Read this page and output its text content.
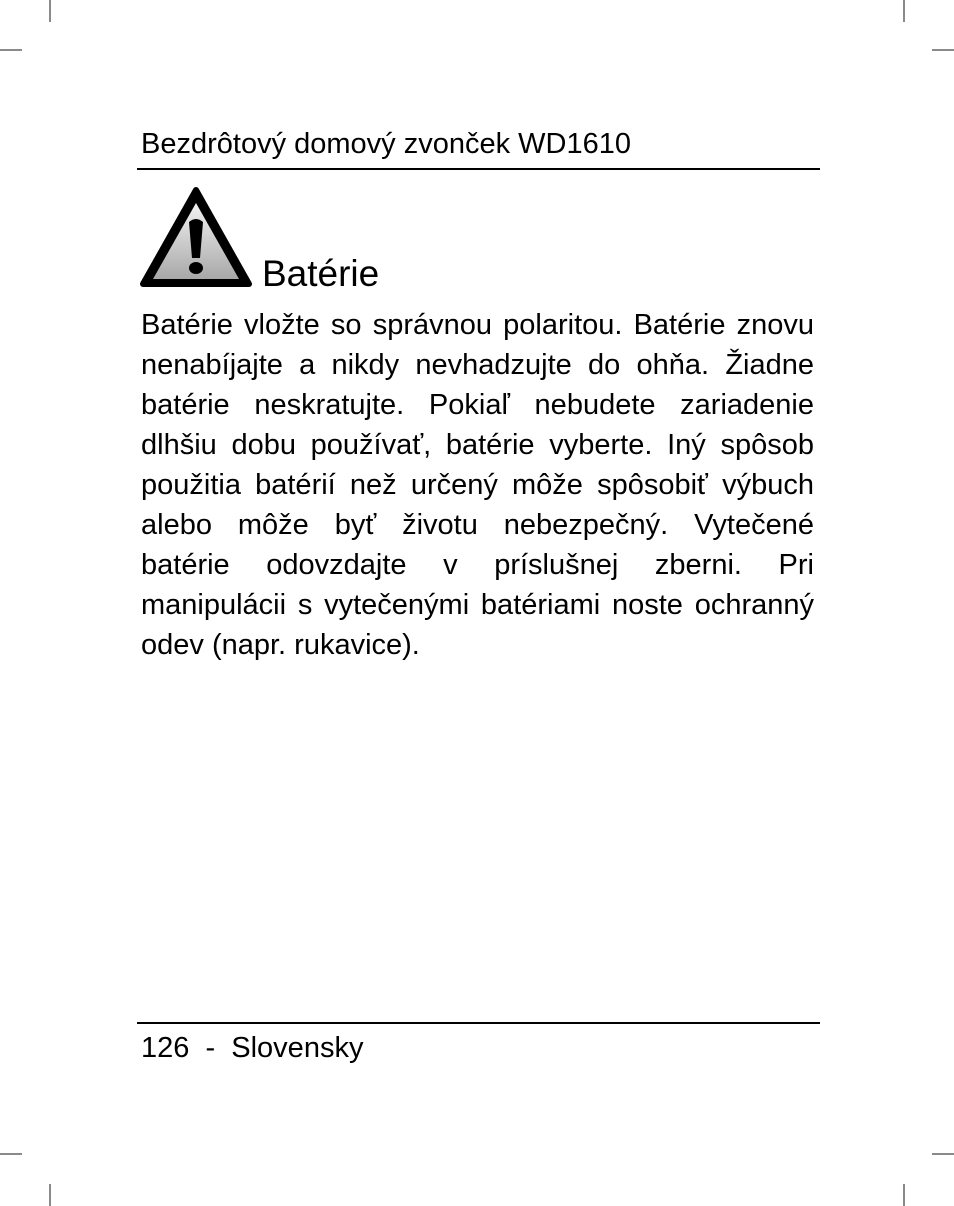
Bezdrôtový domový zvonček WD1610
Batérie

Batérie vložte so správnou polaritou. Batérie znovu nenabíjajte a nikdy nevhadzujte do ohňa. Žiadne batérie neskratujte. Pokiaľ nebudete zariadenie dlhšiu dobu používať, batérie vyberte. Iný spôsob použitia batérií než určený môže spôsobiť výbuch alebo môže byť životu nebezpečný. Vytečené batérie odovzdajte v príslušnej zberni. Pri manipulácii s vytečenými batériami noste ochranný odev (napr. rukavice).

126  -  Slovensky
